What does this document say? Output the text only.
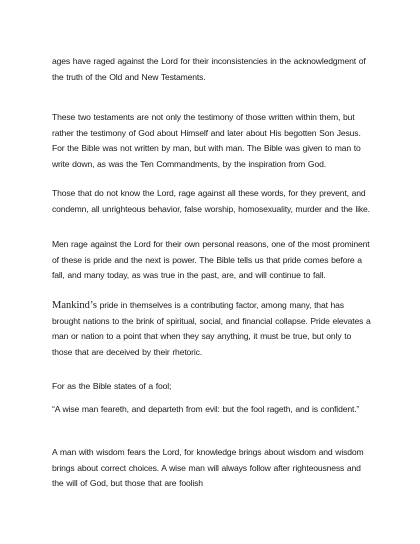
ages have raged against the Lord for their inconsistencies in the acknowledgment of the truth of the Old and New Testaments.

These two testaments are not only the testimony of those written within them, but rather the testimony of God about Himself and later about His begotten Son Jesus. For the Bible was not written by man, but with man. The Bible was given to man to write down, as was the Ten Commandments, by the inspiration from God.

Those that do not know the Lord, rage against all these words, for they prevent, and condemn, all unrighteous behavior, false worship, homosexuality, murder and the like.

Men rage against the Lord for their own personal reasons, one of the most prominent of these is pride and the next is power. The Bible tells us that pride comes before a fall, and many today, as was true in the past, are, and will continue to fall.

Mankind’s pride in themselves is a contributing factor, among many, that has brought nations to the brink of spiritual, social, and financial collapse. Pride elevates a man or nation to a point that when they say anything, it must be true, but only to those that are deceived by their rhetoric.

For as the Bible states of a fool;

“A wise man feareth, and departeth from evil: but the fool rageth, and is confident.”

A man with wisdom fears the Lord, for knowledge brings about wisdom and wisdom brings about correct choices. A wise man will always follow after righteousness and the will of God, but those that are foolish
